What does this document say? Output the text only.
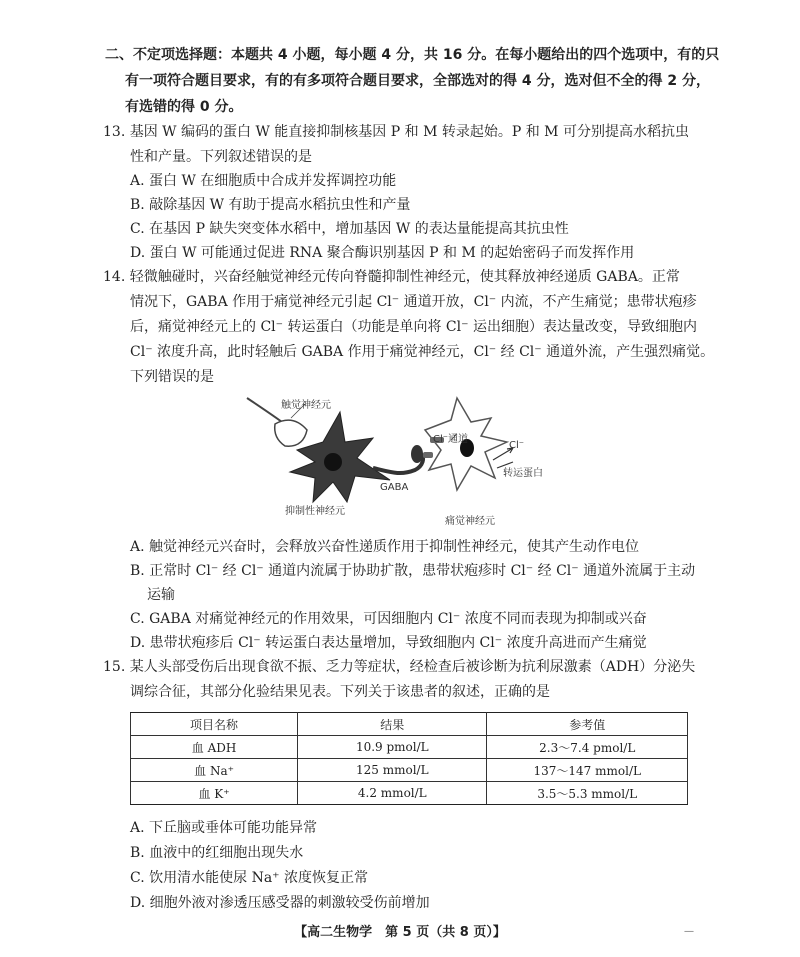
二、不定项选择题：本题共 4 小题，每小题 4 分，共 16 分。在每小题给出的四个选项中，有的只
有一项符合题目要求，有的有多项符合题目要求，全部选对的得 4 分，选对但不全的得 2 分，
有选错的得 0 分。
13. 基因 W 编码的蛋白 W 能直接抑制核基因 P 和 M 转录起始。P 和 M 可分别提高水稻抗虫
性和产量。下列叙述错误的是
A. 蛋白 W 在细胞质中合成并发挥调控功能
B. 敲除基因 W 有助于提高水稻抗虫性和产量
C. 在基因 P 缺失突变体水稻中，增加基因 W 的表达量能提高其抗虫性
D. 蛋白 W 可能通过促进 RNA 聚合酶识别基因 P 和 M 的起始密码子而发挥作用
14. 轻微触碰时，兴奋经触觉神经元传向脊髓抑制性神经元，使其释放神经递质 GABA。正常
情况下，GABA 作用于痛觉神经元引起 Cl⁻ 通道开放，Cl⁻ 内流，不产生痛觉；患带状疱疹
后，痛觉神经元上的 Cl⁻ 转运蛋白（功能是单向将 Cl⁻ 运出细胞）表达量改变，导致细胞内
Cl⁻ 浓度升高，此时轻触后 GABA 作用于痛觉神经元，Cl⁻ 经 Cl⁻ 通道外流，产生强烈痛觉。
下列错误的是
触觉神经元
抑制性神经元
GABA
Cl⁻通道
Cl⁻
转运蛋白
痛觉神经元
A. 触觉神经元兴奋时，会释放兴奋性递质作用于抑制性神经元，使其产生动作电位
B. 正常时 Cl⁻ 经 Cl⁻ 通道内流属于协助扩散，患带状疱疹时 Cl⁻ 经 Cl⁻ 通道外流属于主动
运输
C. GABA 对痛觉神经元的作用效果，可因细胞内 Cl⁻ 浓度不同而表现为抑制或兴奋
D. 患带状疱疹后 Cl⁻ 转运蛋白表达量增加，导致细胞内 Cl⁻ 浓度升高进而产生痛觉
15. 某人头部受伤后出现食欲不振、乏力等症状，经检查后被诊断为抗利尿激素（ADH）分泌失
调综合征，其部分化验结果见表。下列关于该患者的叙述，正确的是
项目名称	结果	参考值
血 ADH	10.9 pmol/L	2.3～7.4 pmol/L
血 Na⁺	125 mmol/L	137～147 mmol/L
血 K⁺	4.2 mmol/L	3.5～5.3 mmol/L
A. 下丘脑或垂体可能功能异常
B. 血液中的红细胞出现失水
C. 饮用清水能使尿 Na⁺ 浓度恢复正常
D. 细胞外液对渗透压感受器的刺激较受伤前增加
【高二生物学　第 5 页（共 8 页）】	—
